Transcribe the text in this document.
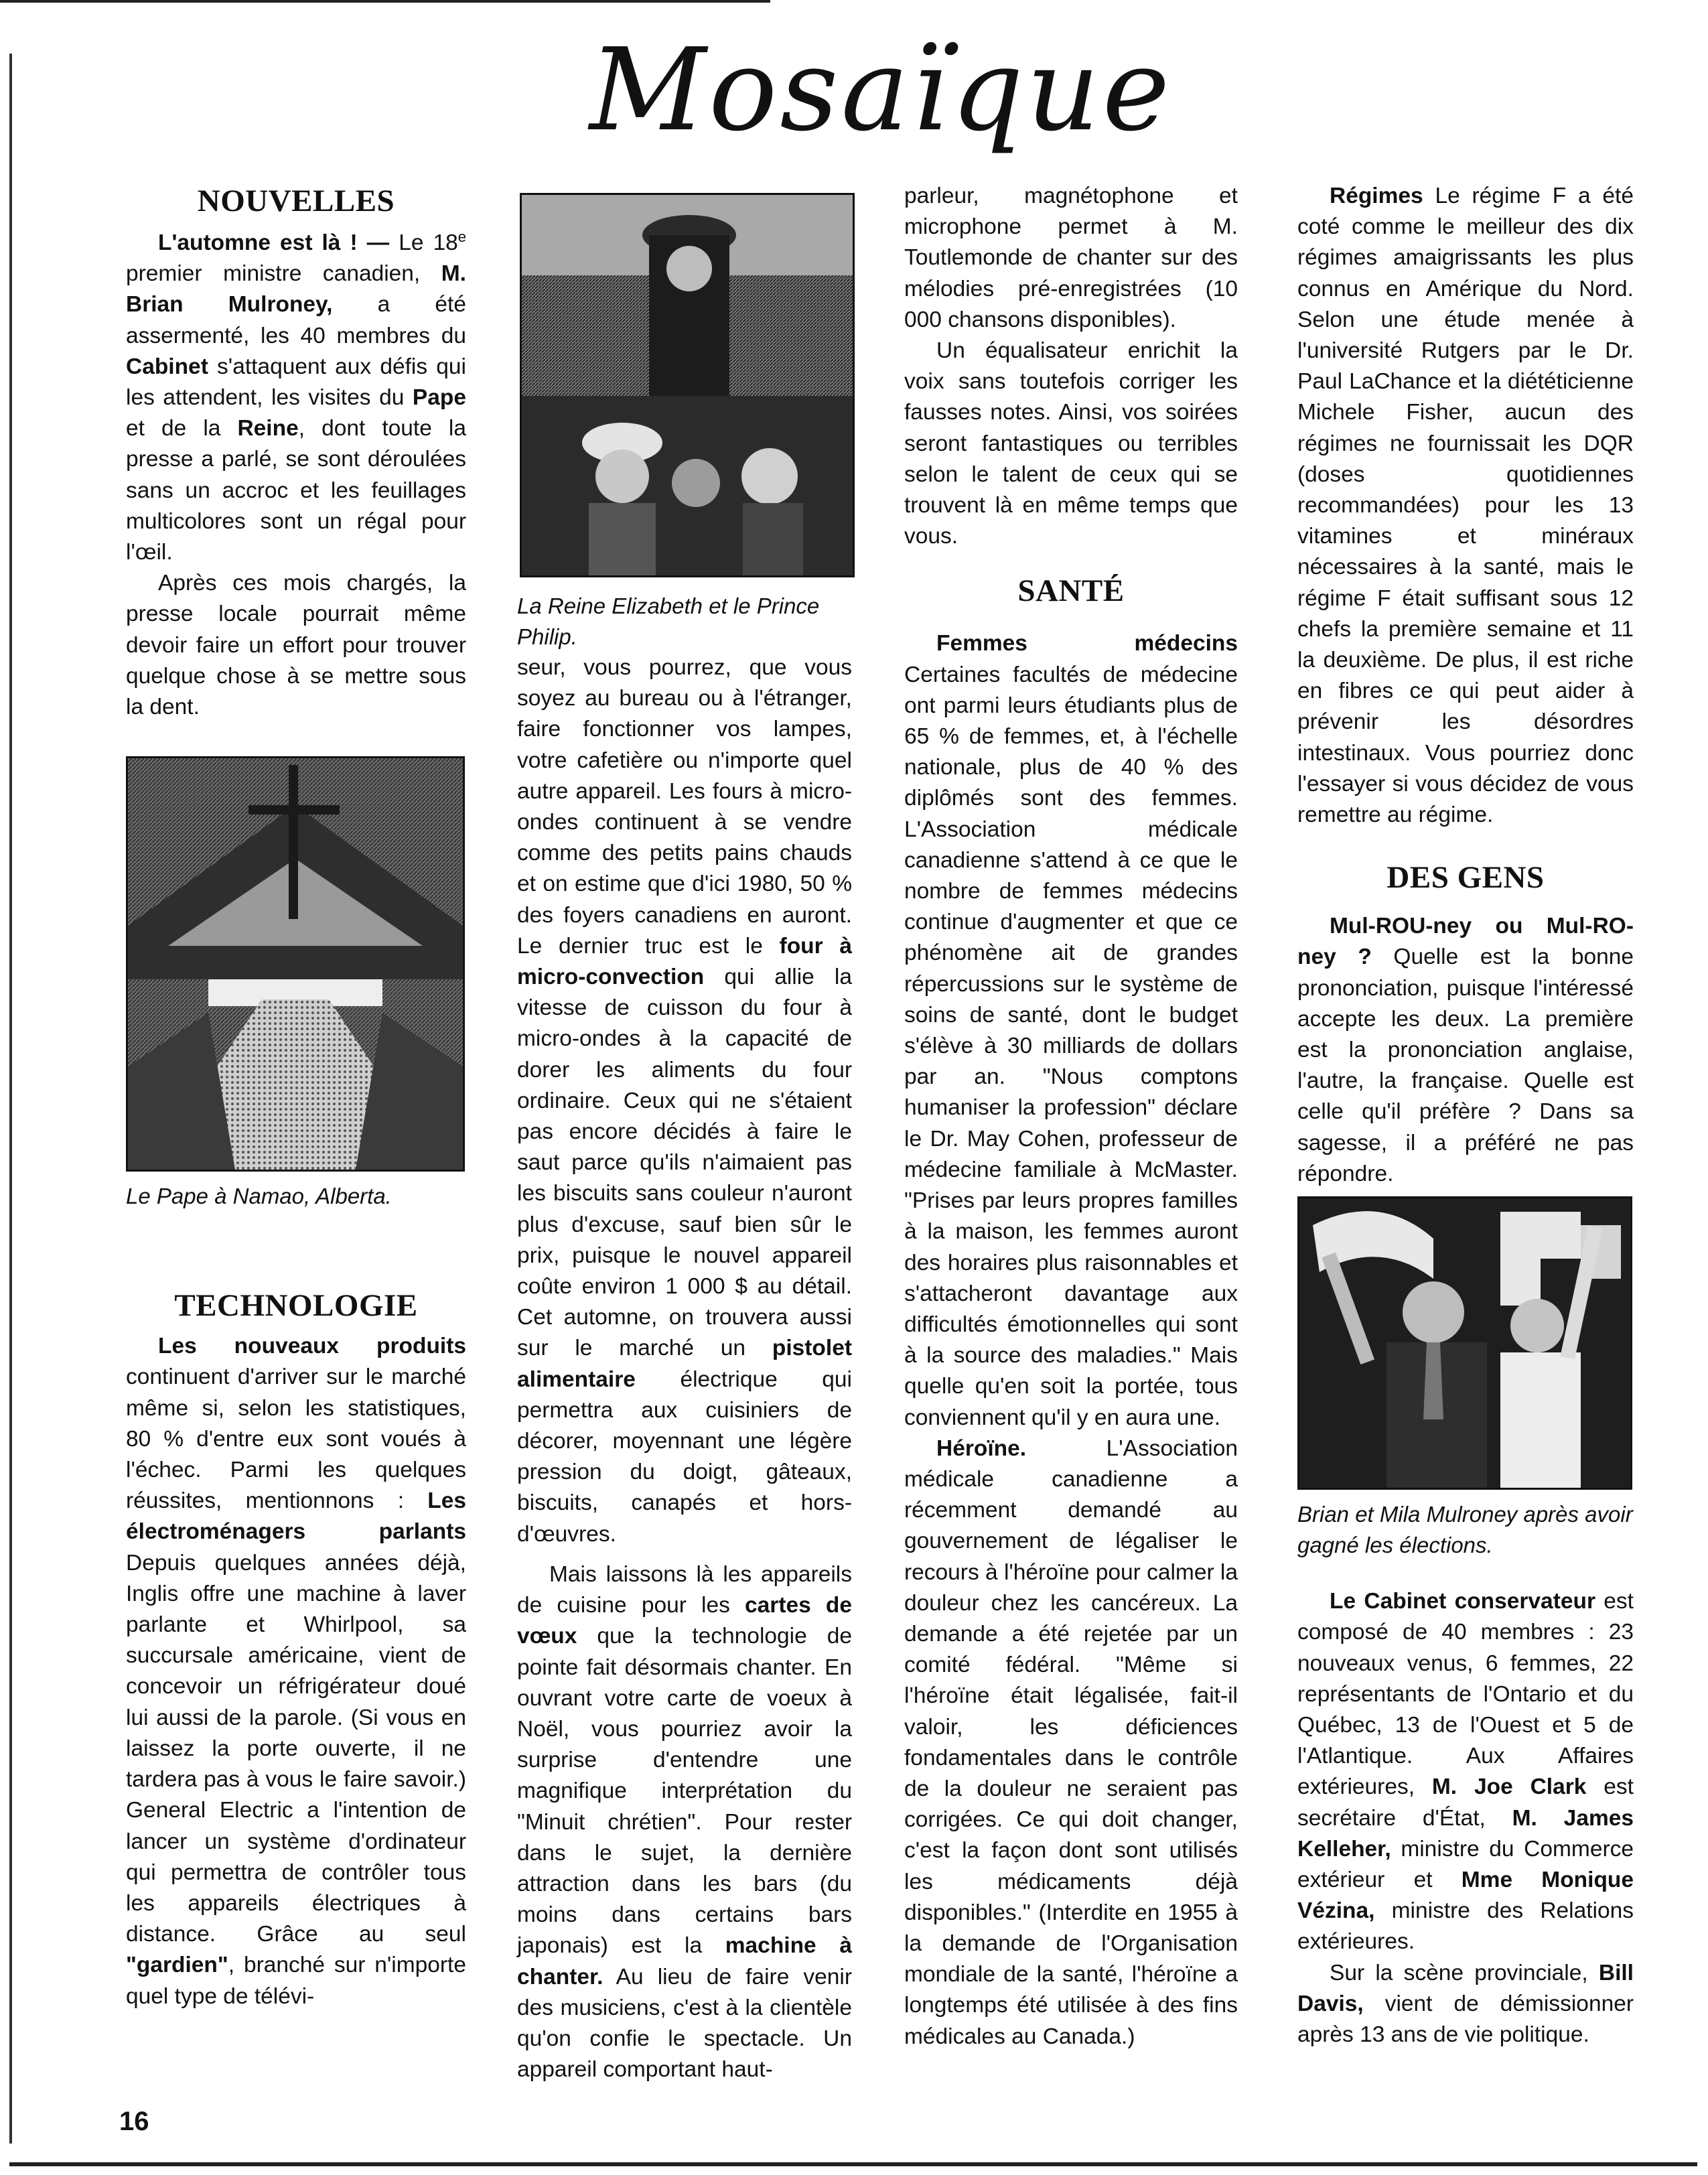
Mosaïque
NOUVELLES

L'automne est là ! — Le 18e premier ministre canadien, M. Brian Mulroney, a été assermenté, les 40 membres du Cabinet s'attaquent aux défis qui les attendent, les visites du Pape et de la Reine, dont toute la presse a parlé, se sont déroulées sans un accroc et les feuillages multicolores sont un régal pour l'œil.

Après ces mois chargés, la presse locale pourrait même devoir faire un effort pour trouver quelque chose à se mettre sous la dent.

Le Pape à Namao, Alberta.

TECHNOLOGIE

Les nouveaux produits continuent d'arriver sur le marché même si, selon les statistiques, 80 % d'entre eux sont voués à l'échec. Parmi les quelques réussites, mentionnons : Les électroménagers parlants Depuis quelques années déjà, Inglis offre une machine à laver parlante et Whirlpool, sa succursale américaine, vient de concevoir un réfrigérateur doué lui aussi de la parole. (Si vous en laissez la porte ouverte, il ne tardera pas à vous le faire savoir.) General Electric a l'intention de lancer un système d'ordinateur qui permettra de contrôler tous les appareils électriques à distance. Grâce au seul "gardien", branché sur n'importe quel type de télévi-

La Reine Elizabeth et le Prince Philip.

seur, vous pourrez, que vous soyez au bureau ou à l'étranger, faire fonctionner vos lampes, votre cafetière ou n'importe quel autre appareil. Les fours à micro-ondes continuent à se vendre comme des petits pains chauds et on estime que d'ici 1980, 50 % des foyers canadiens en auront. Le dernier truc est le four à micro-convection qui allie la vitesse de cuisson du four à micro-ondes à la capacité de dorer les aliments du four ordinaire. Ceux qui ne s'étaient pas encore décidés à faire le saut parce qu'ils n'aimaient pas les biscuits sans couleur n'auront plus d'excuse, sauf bien sûr le prix, puisque le nouvel appareil coûte environ 1 000 $ au détail. Cet automne, on trouvera aussi sur le marché un pistolet alimentaire électrique qui permettra aux cuisiniers de décorer, moyennant une légère pression du doigt, gâteaux, biscuits, canapés et hors-d'œuvres.

Mais laissons là les appareils de cuisine pour les cartes de vœux que la technologie de pointe fait désormais chanter. En ouvrant votre carte de voeux à Noël, vous pourriez avoir la surprise d'entendre une magnifique interprétation du "Minuit chrétien". Pour rester dans le sujet, la dernière attraction dans les bars (du moins dans certains bars japonais) est la machine à chanter. Au lieu de faire venir des musiciens, c'est à la clientèle qu'on confie le spectacle. Un appareil comportant haut-

parleur, magnétophone et microphone permet à M. Toutlemonde de chanter sur des mélodies pré-enregistrées (10 000 chansons disponibles).

Un équalisateur enrichit la voix sans toutefois corriger les fausses notes. Ainsi, vos soirées seront fantastiques ou terribles selon le talent de ceux qui se trouvent là en même temps que vous.

SANTÉ

Femmes médecins Certaines facultés de médecine ont parmi leurs étudiants plus de 65 % de femmes, et, à l'échelle nationale, plus de 40 % des diplômés sont des femmes. L'Association médicale canadienne s'attend à ce que le nombre de femmes médecins continue d'augmenter et que ce phénomène ait de grandes répercussions sur le système de soins de santé, dont le budget s'élève à 30 milliards de dollars par an. "Nous comptons humaniser la profession" déclare le Dr. May Cohen, professeur de médecine familiale à McMaster. "Prises par leurs propres familles à la maison, les femmes auront des horaires plus raisonnables et s'attacheront davantage aux difficultés émotionnelles qui sont à la source des maladies." Mais quelle qu'en soit la portée, tous conviennent qu'il y en aura une.

Héroïne. L'Association médicale canadienne a récemment demandé au gouvernement de légaliser le recours à l'héroïne pour calmer la douleur chez les cancéreux. La demande a été rejetée par un comité fédéral. "Même si l'héroïne était légalisée, fait-il valoir, les déficiences fondamentales dans le contrôle de la douleur ne seraient pas corrigées. Ce qui doit changer, c'est la façon dont sont utilisés les médicaments déjà disponibles." (Interdite en 1955 à la demande de l'Organisation mondiale de la santé, l'héroïne a longtemps été utilisée à des fins médicales au Canada.)

Régimes Le régime F a été coté comme le meilleur des dix régimes amaigrissants les plus connus en Amérique du Nord. Selon une étude menée à l'université Rutgers par le Dr. Paul LaChance et la diététicienne Michele Fisher, aucun des régimes ne fournissait les DQR (doses quotidiennes recommandées) pour les 13 vitamines et minéraux nécessaires à la santé, mais le régime F était suffisant sous 12 chefs la première semaine et 11 la deuxième. De plus, il est riche en fibres ce qui peut aider à prévenir les désordres intestinaux. Vous pourriez donc l'essayer si vous décidez de vous remettre au régime.

DES GENS

Mul-ROU-ney ou Mul-RO-ney ? Quelle est la bonne prononciation, puisque l'intéressé accepte les deux. La première est la prononciation anglaise, l'autre, la française. Quelle est celle qu'il préfère ? Dans sa sagesse, il a préféré ne pas répondre.

Brian et Mila Mulroney après avoir gagné les élections.

Le Cabinet conservateur est composé de 40 membres : 23 nouveaux venus, 6 femmes, 22 représentants de l'Ontario et du Québec, 13 de l'Ouest et 5 de l'Atlantique. Aux Affaires extérieures, M. Joe Clark est secrétaire d'État, M. James Kelleher, ministre du Commerce extérieur et Mme Monique Vézina, ministre des Relations extérieures.

Sur la scène provinciale, Bill Davis, vient de démissionner après 13 ans de vie politique.

16
